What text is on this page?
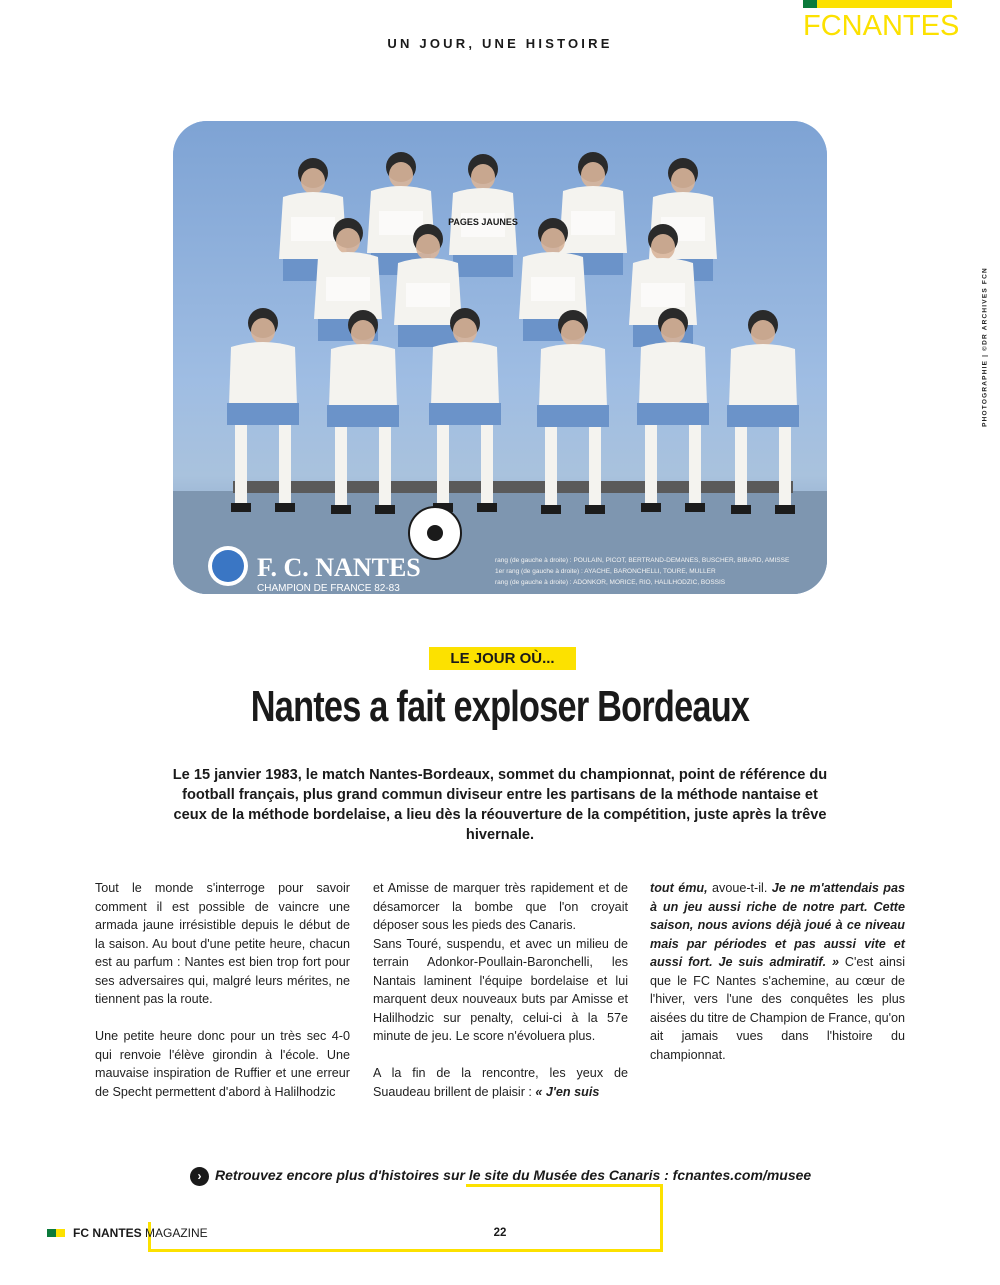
FCNANTES
UN JOUR, UNE HISTOIRE
PHOTOGRAPHIE | ©DR ARCHIVES FCN
F. C. NANTES
CHAMPION DE FRANCE 82-83
rang (de gauche à droite) : POULAIN, PICOT, BERTRAND-DEMANES, BUSCHER, BIBARD, AMISSE
1er rang (de gauche à droite) : AYACHE, BARONCHELLI, TOURE, MULLER
rang (de gauche à droite) : ADONKOR, MORICE, RIO, HALILHODZIC, BOSSIS
PAGES JAUNES
LE JOUR OÙ...
Nantes a fait exploser Bordeaux
Le 15 janvier 1983, le match Nantes-Bordeaux, sommet du championnat, point de référence du football français, plus grand commun diviseur entre les partisans de la méthode nantaise et ceux de la méthode bordelaise, a lieu dès la réouverture de la compétition, juste après la trêve hivernale.

Tout le monde s'interroge pour savoir comment il est possible de vaincre une armada jaune irrésistible depuis le début de la saison. Au bout d'une petite heure, chacun est au parfum : Nantes est bien trop fort pour ses adversaires qui, malgré leurs mérites, ne tiennent pas la route.

Une petite heure donc pour un très sec 4-0 qui renvoie l'élève girondin à l'école. Une mauvaise inspiration de Ruffier et une erreur de Specht permettent d'abord à Halilhodzic

et Amisse de marquer très rapidement et de désamorcer la bombe que l'on croyait déposer sous les pieds des Canaris.

Sans Touré, suspendu, et avec un milieu de terrain Adonkor-Poullain-Baronchelli, les Nantais laminent l'équipe bordelaise et lui marquent deux nouveaux buts par Amisse et Halilhodzic sur penalty, celui-ci à la 57e minute de jeu. Le score n'évoluera plus.

A la fin de la rencontre, les yeux de Suaudeau brillent de plaisir : « J'en suis

tout ému, avoue-t-il. Je ne m'attendais pas à un jeu aussi riche de notre part. Cette saison, nous avions déjà joué à ce niveau mais par périodes et pas aussi vite et aussi fort. Je suis admiratif. » C'est ainsi que le FC Nantes s'achemine, au cœur de l'hiver, vers l'une des conquêtes les plus aisées du titre de Champion de France, qu'on ait jamais vues dans l'histoire du championnat.

› Retrouvez encore plus d'histoires sur le site du Musée des Canaris : fcnantes.com/musee
FC NANTES MAGAZINE	22
